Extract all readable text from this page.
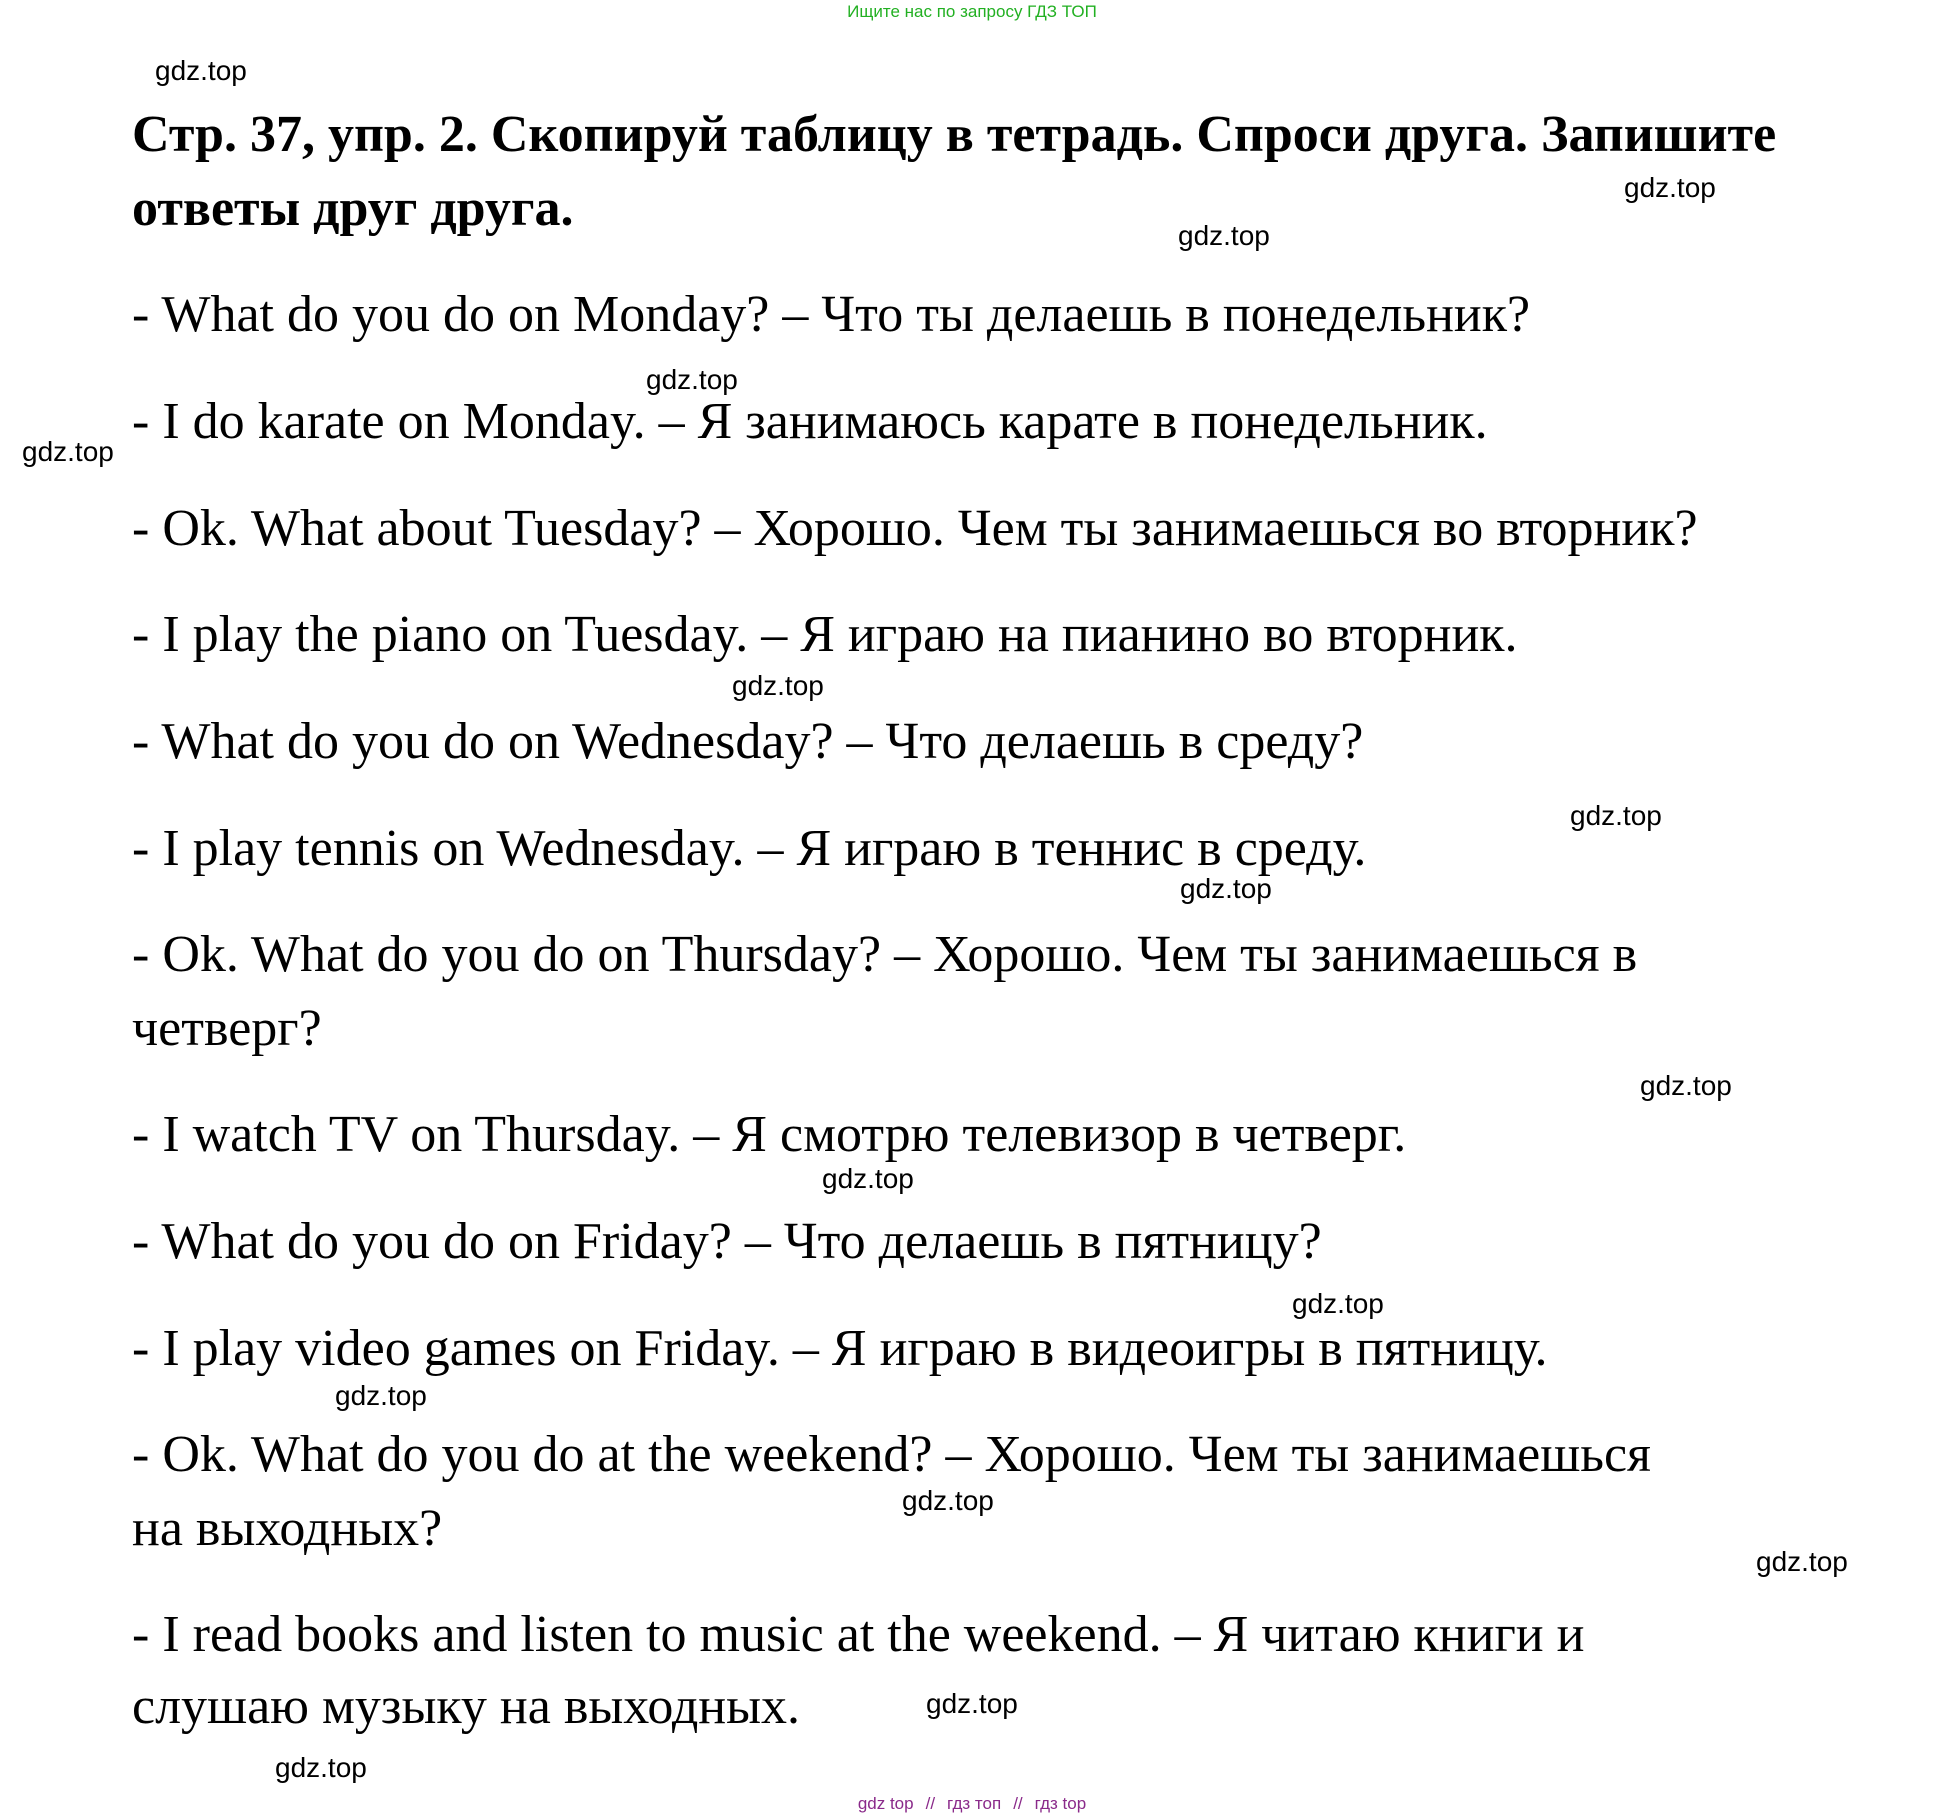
Ищите нас по запросу ГДЗ ТОП
Стр. 37, упр. 2. Скопируй таблицу в тетрадь. Спроси друга. Запишите ответы друг друга.
- What do you do on Monday? – Что ты делаешь в понедельник?
- I do karate on Monday. – Я занимаюсь карате в понедельник.
- Ok. What about Tuesday? – Хорошо. Чем ты занимаешься во вторник?
- I play the piano on Tuesday. – Я играю на пианино во вторник.
- What do you do on Wednesday? – Что делаешь в среду?
- I play tennis on Wednesday. – Я играю в теннис в среду.
- Ok. What do you do on Thursday? – Хорошо. Чем ты занимаешься в
четверг?
- I watch TV on Thursday. – Я смотрю телевизор в четверг.
- What do you do on Friday? – Что делаешь в пятницу?
- I play video games on Friday. – Я играю в видеоигры в пятницу.
- Ok. What do you do at the weekend? – Хорошо. Чем ты занимаешься
на выходных?
- I read books and listen to music at the weekend. – Я читаю книги и
слушаю музыку на выходных.
gdz.top
gdz.top
gdz.top
gdz.top
gdz.top
gdz.top
gdz.top
gdz.top
gdz.top
gdz.top
gdz.top
gdz.top
gdz.top
gdz.top
gdz.top
gdz.top
gdz top // гдз топ // гдз top
